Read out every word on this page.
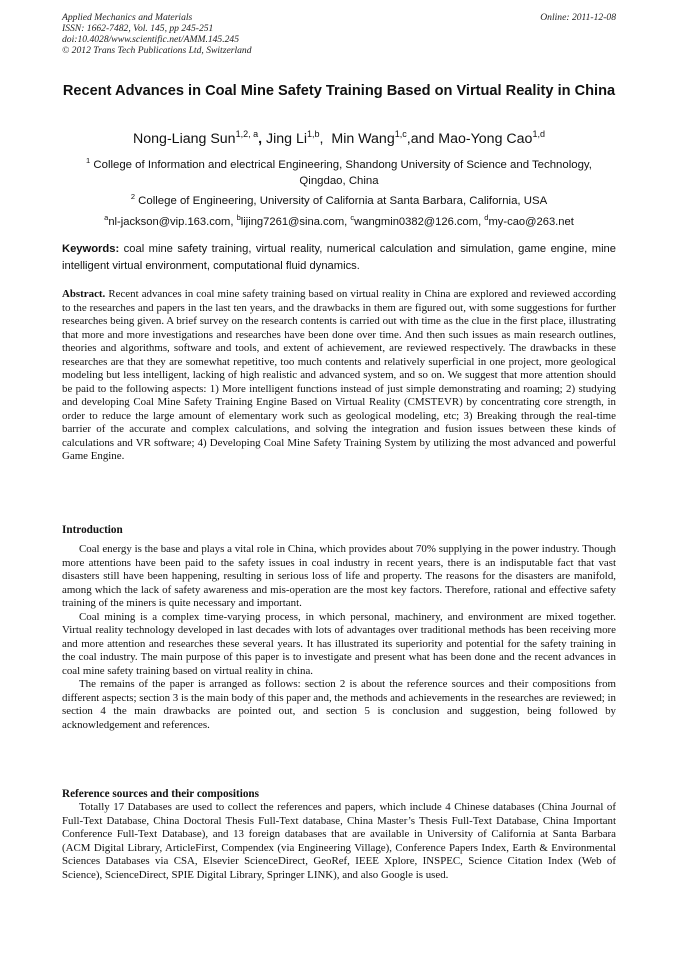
Applied Mechanics and Materials
ISSN: 1662-7482, Vol. 145, pp 245-251
doi:10.4028/www.scientific.net/AMM.145.245
© 2012 Trans Tech Publications Ltd, Switzerland
Online: 2011-12-08
Recent Advances in Coal Mine Safety Training Based on Virtual Reality in China
Nong-Liang Sun$^{1,2, a}$, Jing Li$^{1,b}$,  Min Wang$^{1,c}$,and Mao-Yong Cao$^{1,d}$
$^1$ College of Information and electrical Engineering, Shandong University of Science and Technology, Qingdao, China
$^2$ College of Engineering, University of California at Santa Barbara, California, USA
$^a$nl-jackson@vip.163.com, $^b$lijing7261@sina.com, $^c$wangmin0382@126.com, $^d$my-cao@263.net
Keywords: coal mine safety training, virtual reality, numerical calculation and simulation, game engine, mine intelligent virtual environment, computational fluid dynamics.
Abstract. Recent advances in coal mine safety training based on virtual reality in China are explored and reviewed according to the researches and papers in the last ten years, and the drawbacks in them are figured out, with some suggestions for further researches being given. A brief survey on the research contents is carried out with time as the clue in the first place, illustrating that more and more investigations and researches have been done over time. And then such issues as main research outlines, theories and algorithms, software and tools, and extent of achievement, are reviewed respectively. The drawbacks in these researches are that they are somewhat repetitive, too much contents and relatively superficial in one project, more geological modeling but less intelligent, lacking of high realistic and advanced system, and so on. We suggest that more attention should be paid to the following aspects: 1) More intelligent functions instead of just simple demonstrating and roaming; 2) studying and developing Coal Mine Safety Training Engine Based on Virtual Reality (CMSTEVR) by concentrating core strength, in order to reduce the large amount of elementary work such as geological modeling, etc; 3) Breaking through the real-time barrier of the accurate and complex calculations, and solving the integration and fusion issues between these kinds of calculations and VR software; 4) Developing Coal Mine Safety Training System by utilizing the most advanced and powerful Game Engine.
Introduction

Coal energy is the base and plays a vital role in China, which provides about 70% supplying in the power industry. Though more attentions have been paid to the safety issues in coal industry in recent years, there is an indisputable fact that vast disasters still have been happening, resulting in serious loss of life and property. The reasons for the disasters are manifold, among which the lack of safety awareness and mis-operation are the most key factors. Therefore, rational and effective safety training of the miners is quite necessary and important.

Coal mining is a complex time-varying process, in which personal, machinery, and environment are mixed together. Virtual reality technology developed in last decades with lots of advantages over traditional methods has been receiving more and more attention and researches these several years. It has illustrated its superiority and potential for the safety training in the coal industry. The main purpose of this paper is to investigate and present what has been done and the recent advances in coal mine safety training based on virtual reality in china.

The remains of the paper is arranged as follows: section 2 is about the reference sources and their compositions from different aspects; section 3 is the main body of this paper and, the methods and achievements in the researches are reviewed; in section 4 the main drawbacks are pointed out, and section 5 is conclusion and suggestion, being followed by acknowledgement and references.

Reference sources and their compositions

Totally 17 Databases are used to collect the references and papers, which include 4 Chinese databases (China Journal of Full-Text Database, China Doctoral Thesis Full-Text database, China Master’s Thesis Full-Text Database, China Important Conference Full-Text Database), and 13 foreign databases that are available in University of California at Santa Barbara (ACM Digital Library, ArticleFirst, Compendex (via Engineering Village), Conference Papers Index, Earth & Environmental Sciences Databases via CSA, Elsevier ScienceDirect, GeoRef, IEEE Xplore, INSPEC, Science Citation Index (Web of Science), ScienceDirect, SPIE Digital Library, Springer LINK), and also Google is used.
